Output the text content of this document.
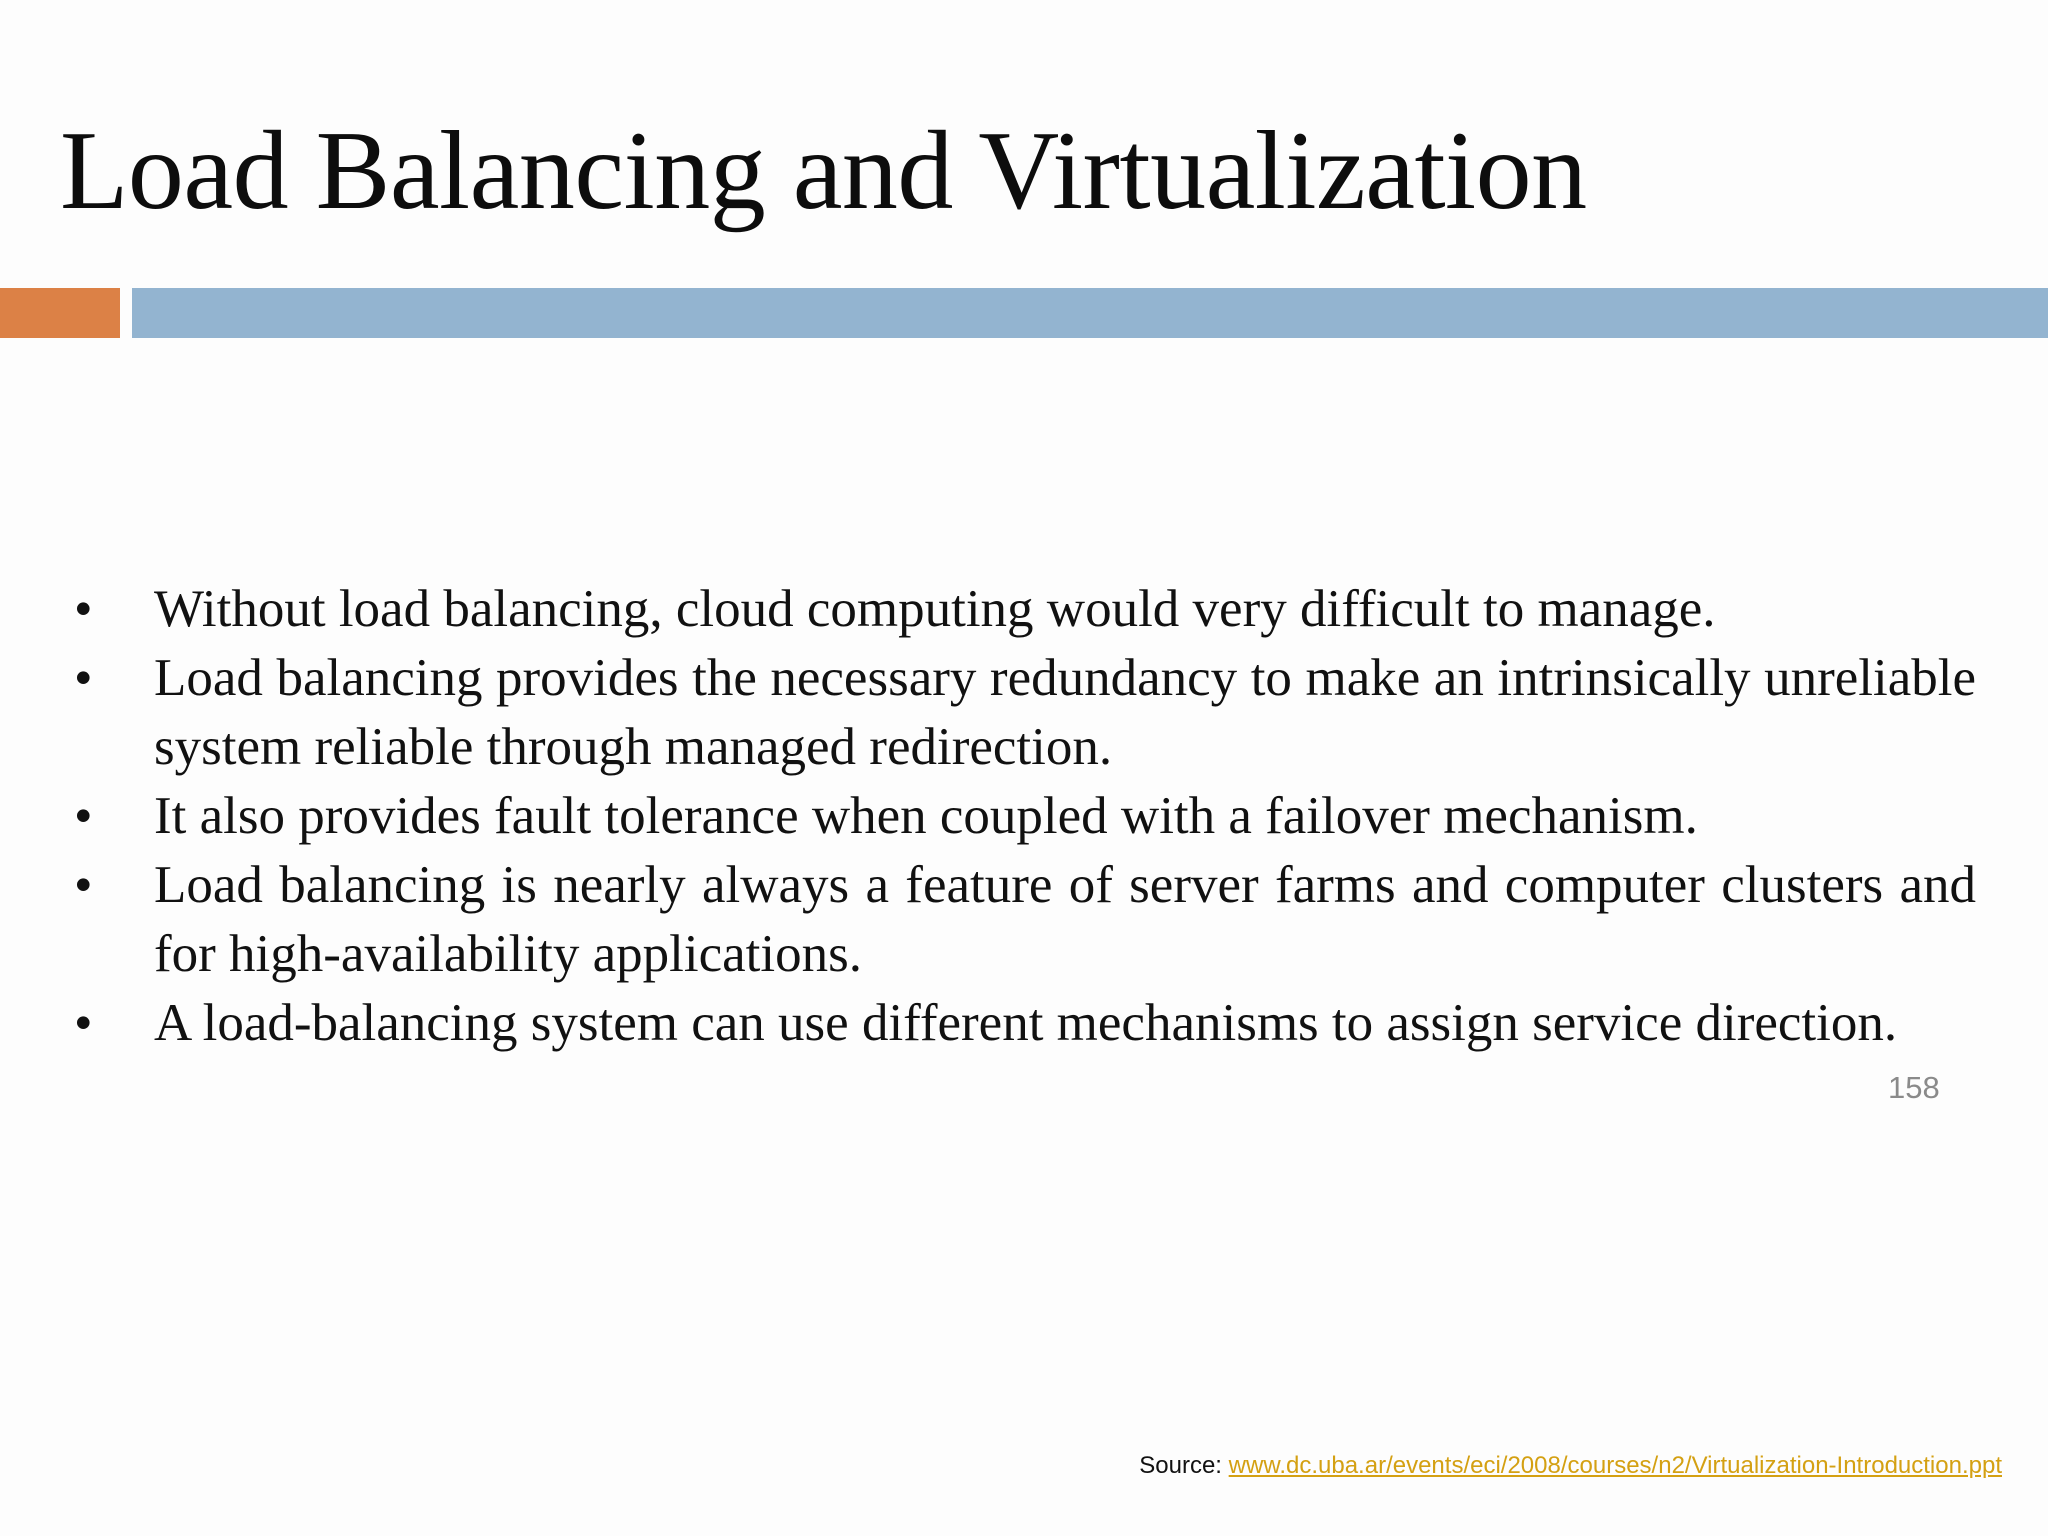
Load Balancing and Virtualization
• Without load balancing, cloud computing would very difficult to manage.
• Load balancing provides the necessary redundancy to make an intrinsically unreliable system reliable through managed redirection.
• It also provides fault tolerance when coupled with a failover mechanism.
• Load balancing is nearly always a feature of server farms and computer clusters and for high-availability applications.
• A load-balancing system can use different mechanisms to assign service direction.
158
Source: www.dc.uba.ar/events/eci/2008/courses/n2/Virtualization-Introduction.ppt
